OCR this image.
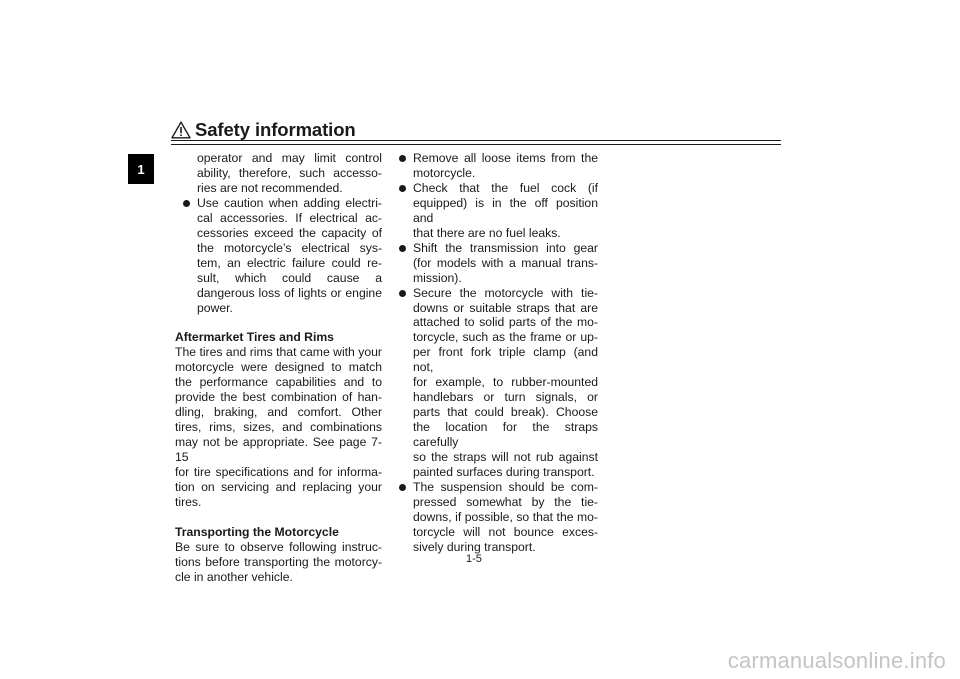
Safety information
1
operator and may limit control
ability, therefore, such accesso-
ries are not recommended.
Use caution when adding electri-
cal accessories. If electrical ac-
cessories exceed the capacity of
the motorcycle’s electrical sys-
tem, an electric failure could re-
sult, which could cause a
dangerous loss of lights or engine
power.
Aftermarket Tires and Rims
The tires and rims that came with your
motorcycle were designed to match
the performance capabilities and to
provide the best combination of han-
dling, braking, and comfort. Other
tires, rims, sizes, and combinations
may not be appropriate. See page 7-15
for tire specifications and for informa-
tion on servicing and replacing your
tires.
Transporting the Motorcycle
Be sure to observe following instruc-
tions before transporting the motorcy-
cle in another vehicle.
Remove all loose items from the
motorcycle.
Check that the fuel cock (if
equipped) is in the off position and
that there are no fuel leaks.
Shift the transmission into gear
(for models with a manual trans-
mission).
Secure the motorcycle with tie-
downs or suitable straps that are
attached to solid parts of the mo-
torcycle, such as the frame or up-
per front fork triple clamp (and not,
for example, to rubber-mounted
handlebars or turn signals, or
parts that could break). Choose
the location for the straps carefully
so the straps will not rub against
painted surfaces during transport.
The suspension should be com-
pressed somewhat by the tie-
downs, if possible, so that the mo-
torcycle will not bounce exces-
sively during transport.
1-5
carmanualsonline.info
